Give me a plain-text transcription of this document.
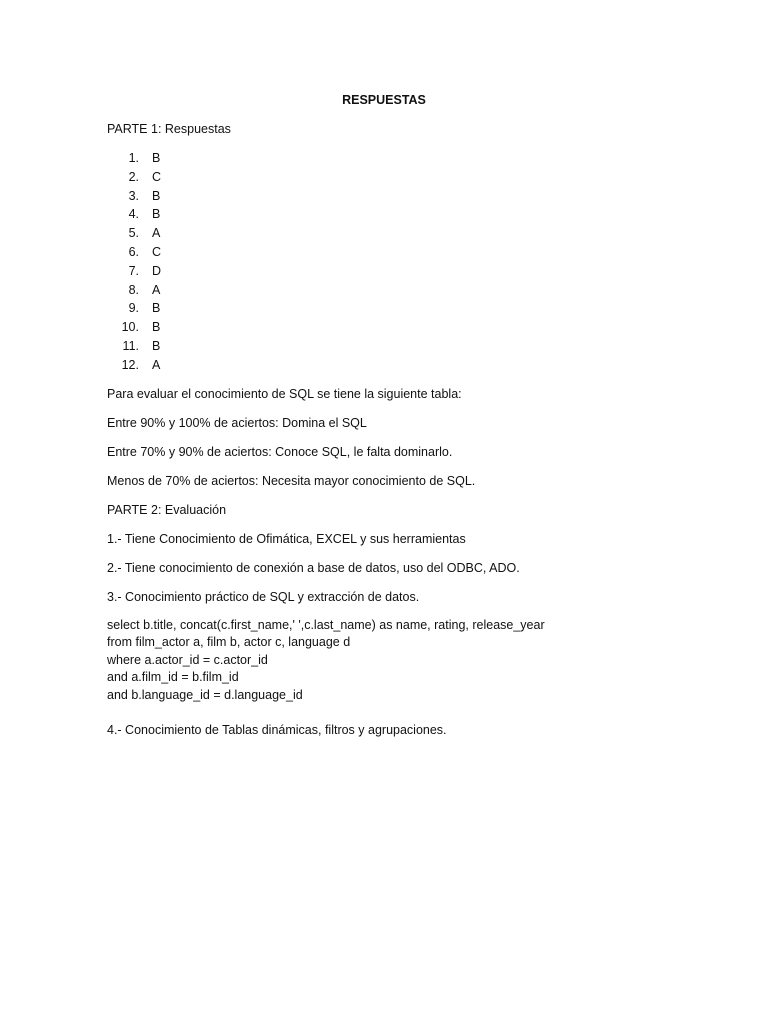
RESPUESTAS
PARTE 1: Respuestas
1. B
2. C
3. B
4. B
5. A
6. C
7. D
8. A
9. B
10. B
11. B
12. A
Para evaluar el conocimiento de SQL se tiene la siguiente tabla:
Entre 90% y 100% de aciertos: Domina el SQL
Entre 70% y 90% de aciertos: Conoce SQL, le falta dominarlo.
Menos de 70% de aciertos: Necesita mayor conocimiento de SQL.
PARTE 2: Evaluación
1.- Tiene Conocimiento de Ofimática, EXCEL y sus herramientas
2.- Tiene conocimiento de conexión a base de datos, uso del ODBC, ADO.
3.- Conocimiento práctico de SQL y extracción de datos.
select b.title, concat(c.first_name,' ',c.last_name) as name, rating, release_year
from film_actor a, film b, actor c, language d
where a.actor_id = c.actor_id
and a.film_id = b.film_id
and b.language_id = d.language_id
4.- Conocimiento de Tablas dinámicas, filtros y agrupaciones.
